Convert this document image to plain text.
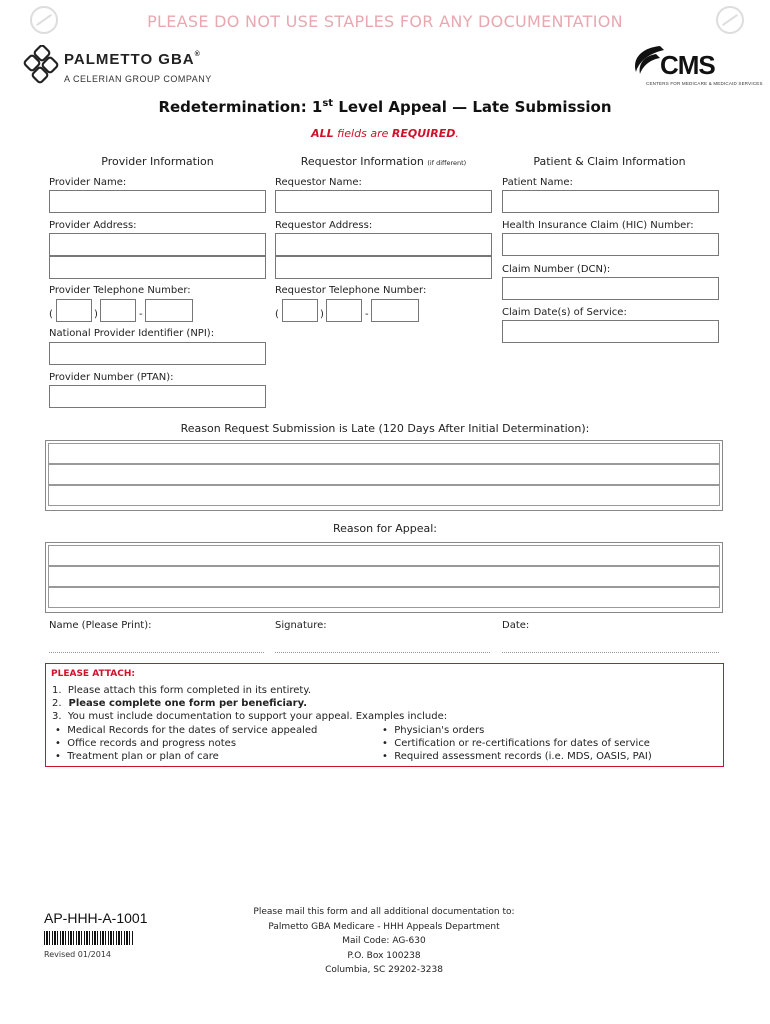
PLEASE DO NOT USE STAPLES FOR ANY DOCUMENTATION
PALMETTO GBA®
A CELERIAN GROUP COMPANY	CMS
CENTERS FOR MEDICARE & MEDICAID SERVICES
Redetermination: 1st Level Appeal — Late Submission
ALL fields are REQUIRED.
Provider Information	Requestor Information (if different)	Patient & Claim Information
Provider Name:
Provider Address:
Provider Telephone Number:
(	)	-
National Provider Identifier (NPI):
Provider Number (PTAN):
Requestor Name:
Requestor Address:
Requestor Telephone Number:
(	)	-
Patient Name:
Health Insurance Claim (HIC) Number:
Claim Number (DCN):
Claim Date(s) of Service:
Reason Request Submission is Late (120 Days After Initial Determination):
Reason for Appeal:
Name (Please Print):	Signature:	Date:
PLEASE ATTACH:
1. Please attach this form completed in its entirety.
2. Please complete one form per beneficiary.
3. You must include documentation to support your appeal. Examples include:
• Medical Records for the dates of service appealed
• Office records and progress notes
• Treatment plan or plan of care
• Physician's orders
• Certification or re-certifications for dates of service
• Required assessment records (i.e. MDS, OASIS, PAI)
AP-HHH-A-1001
Revised 01/2014
Please mail this form and all additional documentation to:
Palmetto GBA Medicare - HHH Appeals Department
Mail Code: AG-630
P.O. Box 100238
Columbia, SC 29202-3238
